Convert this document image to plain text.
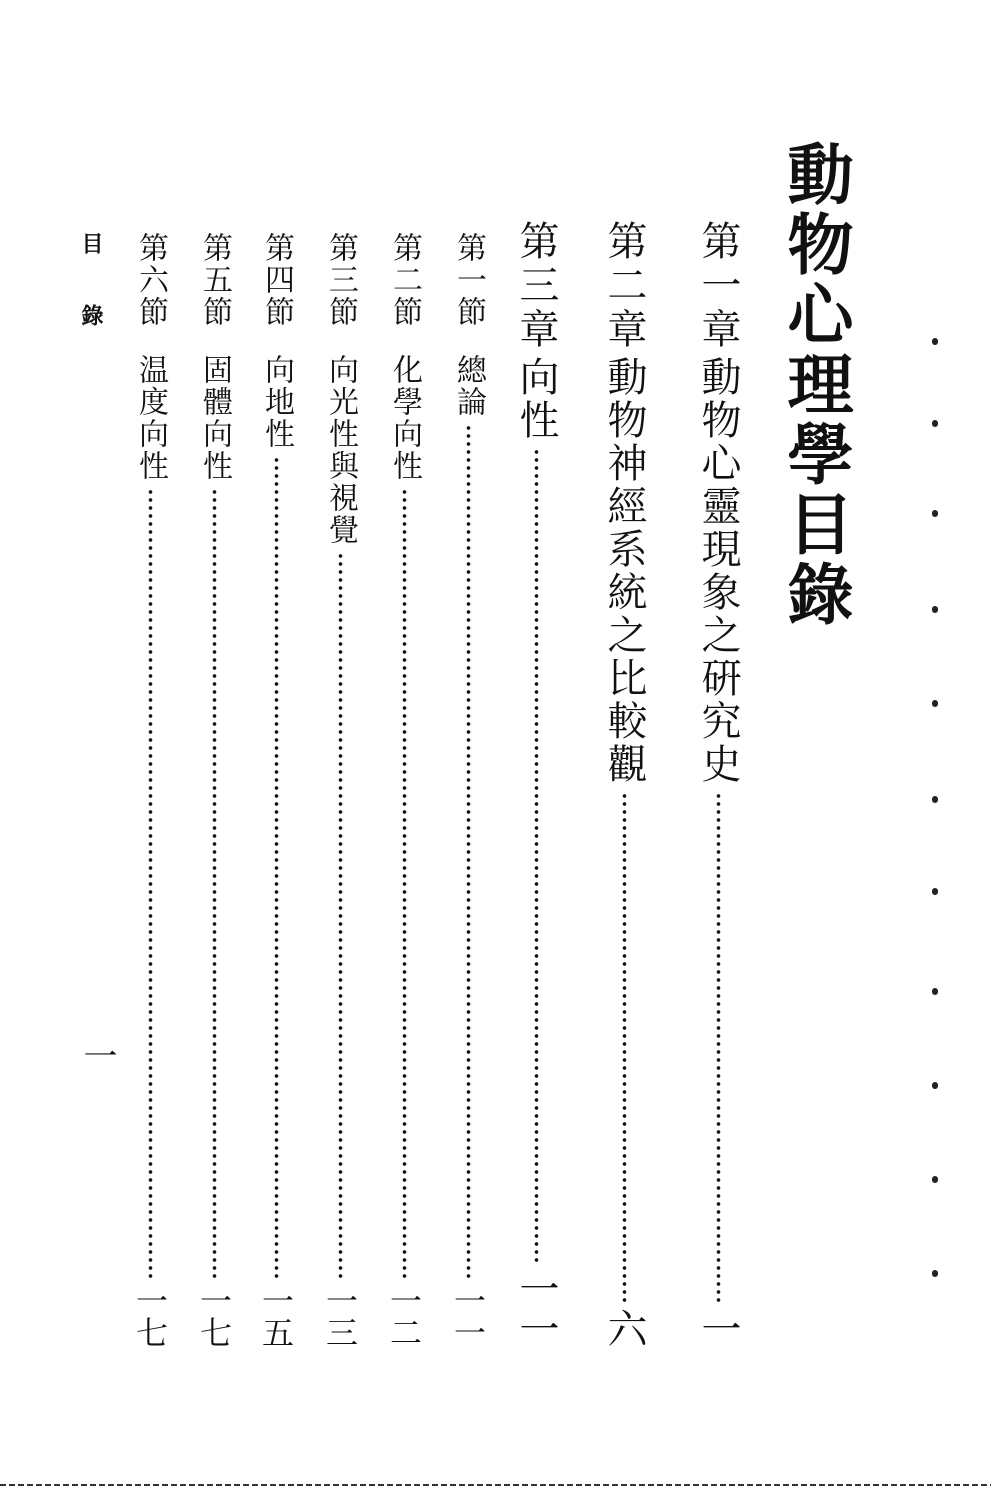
動物心理學目錄
第一章
動物心靈現象之硏究史
一
第二章
動物神經系統之比較觀
六
第三章
向性
一一
第一節
總論
一一
第二節
化學向性
一二
第三節
向光性與視覺
一三
第四節
向地性
一五
第五節
固體向性
一七
第六節
温度向性
一七
目錄
一
